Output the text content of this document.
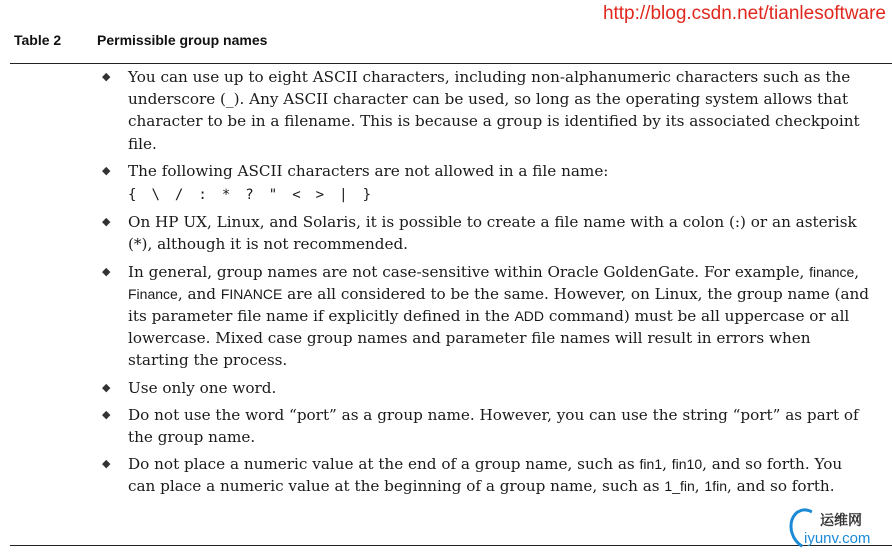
http://blog.csdn.net/tianlesoftware
Table 2	Permissible group names
◆ You can use up to eight ASCII characters, including non-alphanumeric characters such as the underscore (_). Any ASCII character can be used, so long as the operating system allows that character to be in a filename. This is because a group is identified by its associated checkpoint file.
◆ The following ASCII characters are not allowed in a file name:
{ \ / : * ? " < > | }
◆ On HP UX, Linux, and Solaris, it is possible to create a file name with a colon (:) or an asterisk (*), although it is not recommended.
◆ In general, group names are not case-sensitive within Oracle GoldenGate. For example, finance, Finance, and FINANCE are all considered to be the same. However, on Linux, the group name (and its parameter file name if explicitly defined in the ADD command) must be all uppercase or all lowercase. Mixed case group names and parameter file names will result in errors when starting the process.
◆ Use only one word.
◆ Do not use the word “port” as a group name. However, you can use the string “port” as part of the group name.
◆ Do not place a numeric value at the end of a group name, such as fin1, fin10, and so forth. You can place a numeric value at the beginning of a group name, such as 1_fin, 1fin, and so forth.
运维网
iyunv.com
